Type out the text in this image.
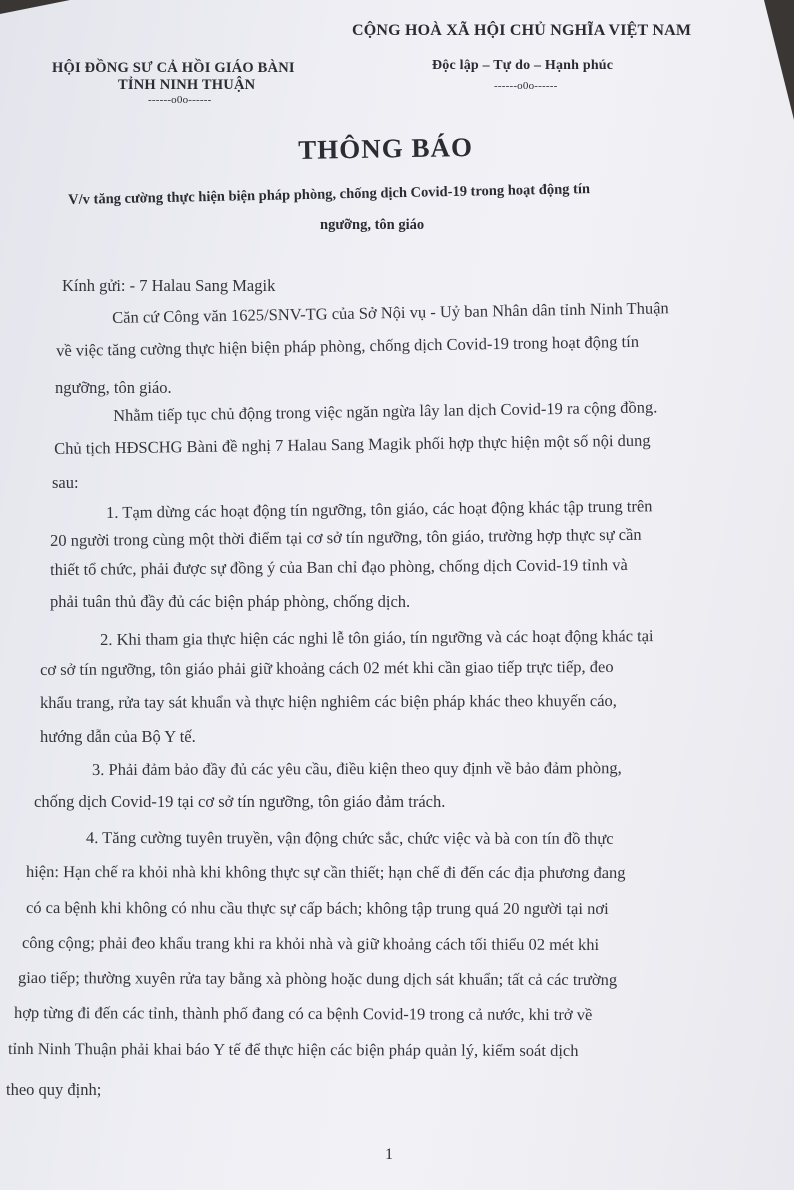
HỘI ĐỒNG SƯ CẢ HỒI GIÁO BÀNI
TỈNH NINH THUẬN
------o0o------
CỘNG HOÀ XÃ HỘI CHỦ NGHĨA VIỆT NAM
Độc lập – Tự do – Hạnh phúc
------o0o------
THÔNG BÁO
V/v tăng cường thực hiện biện pháp phòng, chống dịch Covid-19 trong hoạt động tín
ngưỡng, tôn giáo
Kính gửi: - 7 Halau Sang Magik
Căn cứ Công văn 1625/SNV-TG của Sở Nội vụ - Uỷ ban Nhân dân tỉnh Ninh Thuận
về việc tăng cường thực hiện biện pháp phòng, chống dịch Covid-19 trong hoạt động tín
ngưỡng, tôn giáo.
Nhằm tiếp tục chủ động trong việc ngăn ngừa lây lan dịch Covid-19 ra cộng đồng.
Chủ tịch HĐSCHG Bàni đề nghị 7 Halau Sang Magik phối hợp thực hiện một số nội dung
sau:
1. Tạm dừng các hoạt động tín ngưỡng, tôn giáo, các hoạt động khác tập trung trên
20 người trong cùng một thời điểm tại cơ sở tín ngưỡng, tôn giáo, trường hợp thực sự cần
thiết tổ chức, phải được sự đồng ý của Ban chỉ đạo phòng, chống dịch Covid-19 tỉnh và
phải tuân thủ đầy đủ các biện pháp phòng, chống dịch.
2. Khi tham gia thực hiện các nghi lễ tôn giáo, tín ngưỡng và các hoạt động khác tại
cơ sở tín ngưỡng, tôn giáo phải giữ khoảng cách 02 mét khi cần giao tiếp trực tiếp, đeo
khẩu trang, rửa tay sát khuẩn và thực hiện nghiêm các biện pháp khác theo khuyến cáo,
hướng dẫn của Bộ Y tế.
3. Phải đảm bảo đầy đủ các yêu cầu, điều kiện theo quy định về bảo đảm phòng,
chống dịch Covid-19 tại cơ sở tín ngưỡng, tôn giáo đảm trách.
4. Tăng cường tuyên truyền, vận động chức sắc, chức việc và bà con tín đồ thực
hiện: Hạn chế ra khỏi nhà khi không thực sự cần thiết; hạn chế đi đến các địa phương đang
có ca bệnh khi không có nhu cầu thực sự cấp bách; không tập trung quá 20 người tại nơi
công cộng; phải đeo khẩu trang khi ra khỏi nhà và giữ khoảng cách tối thiểu 02 mét khi
giao tiếp; thường xuyên rửa tay bằng xà phòng hoặc dung dịch sát khuẩn; tất cả các trường
hợp từng đi đến các tỉnh, thành phố đang có ca bệnh Covid-19 trong cả nước, khi trở về
tỉnh Ninh Thuận phải khai báo Y tế để thực hiện các biện pháp quản lý, kiểm soát dịch
theo quy định;
1
